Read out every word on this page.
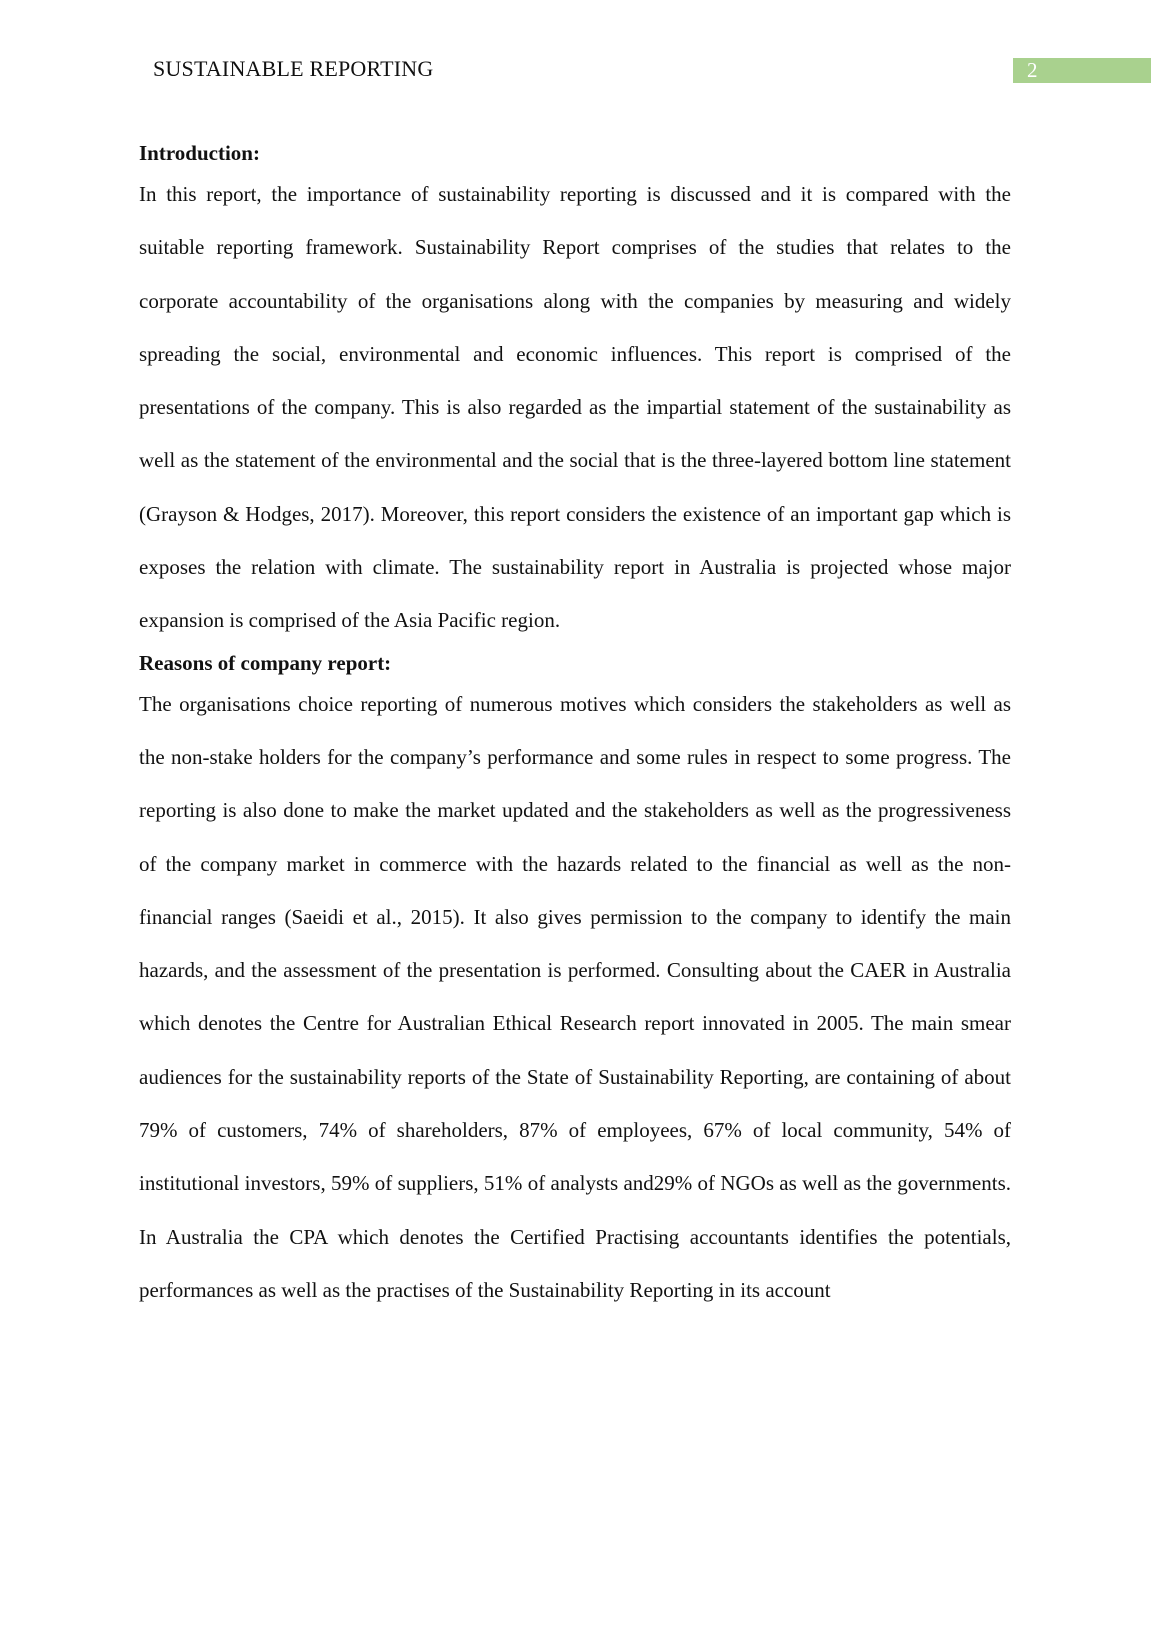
SUSTAINABLE REPORTING	2
Introduction:

In this report, the importance of sustainability reporting is discussed and it is compared with the suitable reporting framework. Sustainability Report comprises of the studies that relates to the corporate accountability of the organisations along with the companies by measuring and widely spreading the social, environmental and economic influences. This report is comprised of the presentations of the company. This is also regarded as the impartial statement of the sustainability as well as the statement of the environmental and the social that is the three-layered bottom line statement (Grayson & Hodges, 2017). Moreover, this report considers the existence of an important gap which is exposes the relation with climate. The sustainability report in Australia is projected whose major expansion is comprised of the Asia Pacific region.

Reasons of company report:

The organisations choice reporting of numerous motives which considers the stakeholders as well as the non-stake holders for the company’s performance and some rules in respect to some progress. The reporting is also done to make the market updated and the stakeholders as well as the progressiveness of the company market in commerce with the hazards related to the financial as well as the non-financial ranges (Saeidi et al., 2015). It also gives permission to the company to identify the main hazards, and the assessment of the presentation is performed. Consulting about the CAER in Australia which denotes the Centre for Australian Ethical Research report innovated in 2005. The main smear audiences for the sustainability reports of the State of Sustainability Reporting, are containing of about 79% of customers, 74% of shareholders, 87% of employees, 67% of local community, 54% of institutional investors, 59% of suppliers, 51% of analysts and29% of NGOs as well as the governments. In Australia the CPA which denotes the Certified Practising accountants identifies the potentials, performances as well as the practises of the Sustainability Reporting in its account
